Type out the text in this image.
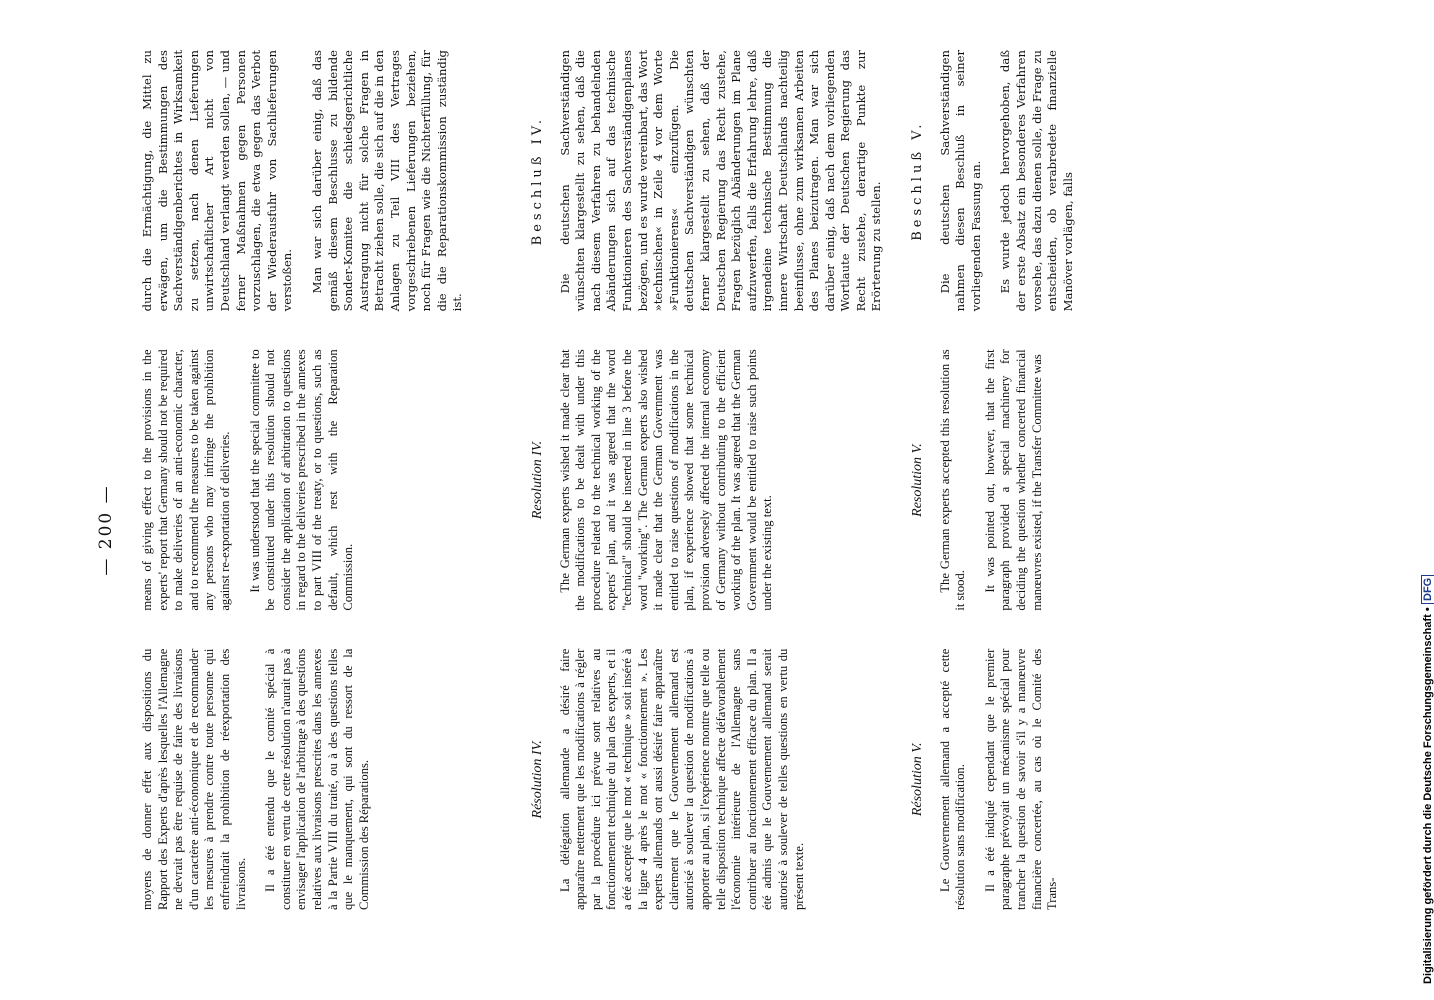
— 200 —

moyens de donner effet aux dispositions du Rapport des Experts d'après lesquelles l'Allemagne ne devrait pas être requise de faire des livraisons d'un caractère anti-économique et de recommander les mesures à prendre contre toute personne qui enfreindrait la prohibition de réexportation des livraisons. Il a été entendu que le comité spécial à constituer en vertu de cette résolution n'aurait pas à envisager l'application de l'arbitrage à des questions relatives aux livraisons prescrites dans les annexes à la Partie VIII du traité, ou à des questions telles que le manquement, qui sont du ressort de la Commission des Réparations.

means of giving effect to the provisions in the experts' report that Germany should not be required to make deliveries of an anti-economic character, and to recommend the measures to be taken against any persons who may infringe the prohibition against re-exportation of deliveries. It was understood that the special committee to be constituted under this resolution should not consider the application of arbitration to questions in regard to the deliveries prescribed in the annexes to part VIII of the treaty, or to questions, such as default, which rest with the Reparation Commission.

durch die Ermächtigung, die Mittel zu erwägen, um die Bestimmungen des Sachverständigenberichtes in Wirksamkeit zu setzen, nach denen Lieferungen unwirtschaftlicher Art nicht von Deutschland verlangt werden sollen, — und ferner Maßnahmen gegen Personen vorzuschlagen, die etwa gegen das Verbot der Wiederausfuhr von Sachlieferungen verstoßen. Man war sich darüber einig, daß das gemäß diesem Beschlusse zu bildende Sonder-Komitee die schiedsgerichtliche Austragung nicht für solche Fragen in Betracht ziehen solle, die sich auf die in den Anlagen zu Teil VIII des Vertrages vorgeschriebenen Lieferungen beziehen, noch für Fragen wie die Nichterfüllung, für die die Reparationskommission zuständig ist.

Résolution IV. La délégation allemande a désiré faire apparaître nettement que les modifications à régler par la procédure ici prévue sont relatives au fonctionnement technique du plan des experts, et il a été accepté que le mot « technique » soit inséré à la ligne 4 après le mot « fonctionnement ». Les experts allemands ont aussi désiré faire apparaître clairement que le Gouvernement allemand est autorisé à soulever la question de modifications à apporter au plan, si l'expérience montre que telle ou telle disposition technique affecte défavorablement l'économie intérieure de l'Allemagne sans contribuer au fonctionnement efficace du plan. Il a été admis que le Gouvernement allemand serait autorisé à soulever de telles questions en vertu du présent texte.

Resolution IV. The German experts wished it made clear that the modifications to be dealt with under this procedure related to the technical working of the experts' plan, and it was agreed that the word "technical" should be inserted in line 3 before the word "working". The German experts also wished it made clear that the German Government was entitled to raise questions of modifications in the plan, if experience showed that some technical provision adversely affected the internal economy of Germany without contributing to the efficient working of the plan. It was agreed that the German Government would be entitled to raise such points under the existing text.

Beschluß IV. Die deutschen Sachverständigen wünschten klargestellt zu sehen, daß die nach diesem Verfahren zu behandelnden Abänderungen sich auf das technische Funktionieren des Sachverständigenplanes bezögen, und es wurde vereinbart, das Wort »technischen« in Zeile 4 vor dem Worte »Funktionierens« einzufügen. Die deutschen Sachverständigen wünschten ferner klargestellt zu sehen, daß der Deutschen Regierung das Recht zustehe, Fragen bezüglich Abänderungen im Plane aufzuwerfen, falls die Erfahrung lehre, daß irgendeine technische Bestimmung die innere Wirtschaft Deutschlands nachteilig beeinflusse, ohne zum wirksamen Arbeiten des Planes beizutragen. Man war sich darüber einig, daß nach dem vorliegenden Wortlaute der Deutschen Regierung das Recht zustehe, derartige Punkte zur Erörterung zu stellen.

Résolution V. Le Gouvernement allemand a accepté cette résolution sans modification. Il a été indiqué cependant que le premier paragraphe prévoyait un mécanisme spécial pour trancher la question de savoir s'il y a manœuvre financière concertée, au cas où le Comité des Trans-

Resolution V. The German experts accepted this resolution as it stood. It was pointed out, however, that the first paragraph provided a special machinery for deciding the question whether concerted financial manœuvres existed, if the Transfer Committee was

Beschluß V. Die deutschen Sachverständigen nahmen diesen Beschluß in seiner vorliegenden Fassung an. Es wurde jedoch hervorgehoben, daß der erste Absatz ein besonderes Verfahren vorsehe, das dazu dienen solle, die Frage zu entscheiden, ob verabredete finanzielle Manöver vorlägen, falls

Digitalisierung gefördert durch die Deutsche Forschungsgemeinschaft • DFG
